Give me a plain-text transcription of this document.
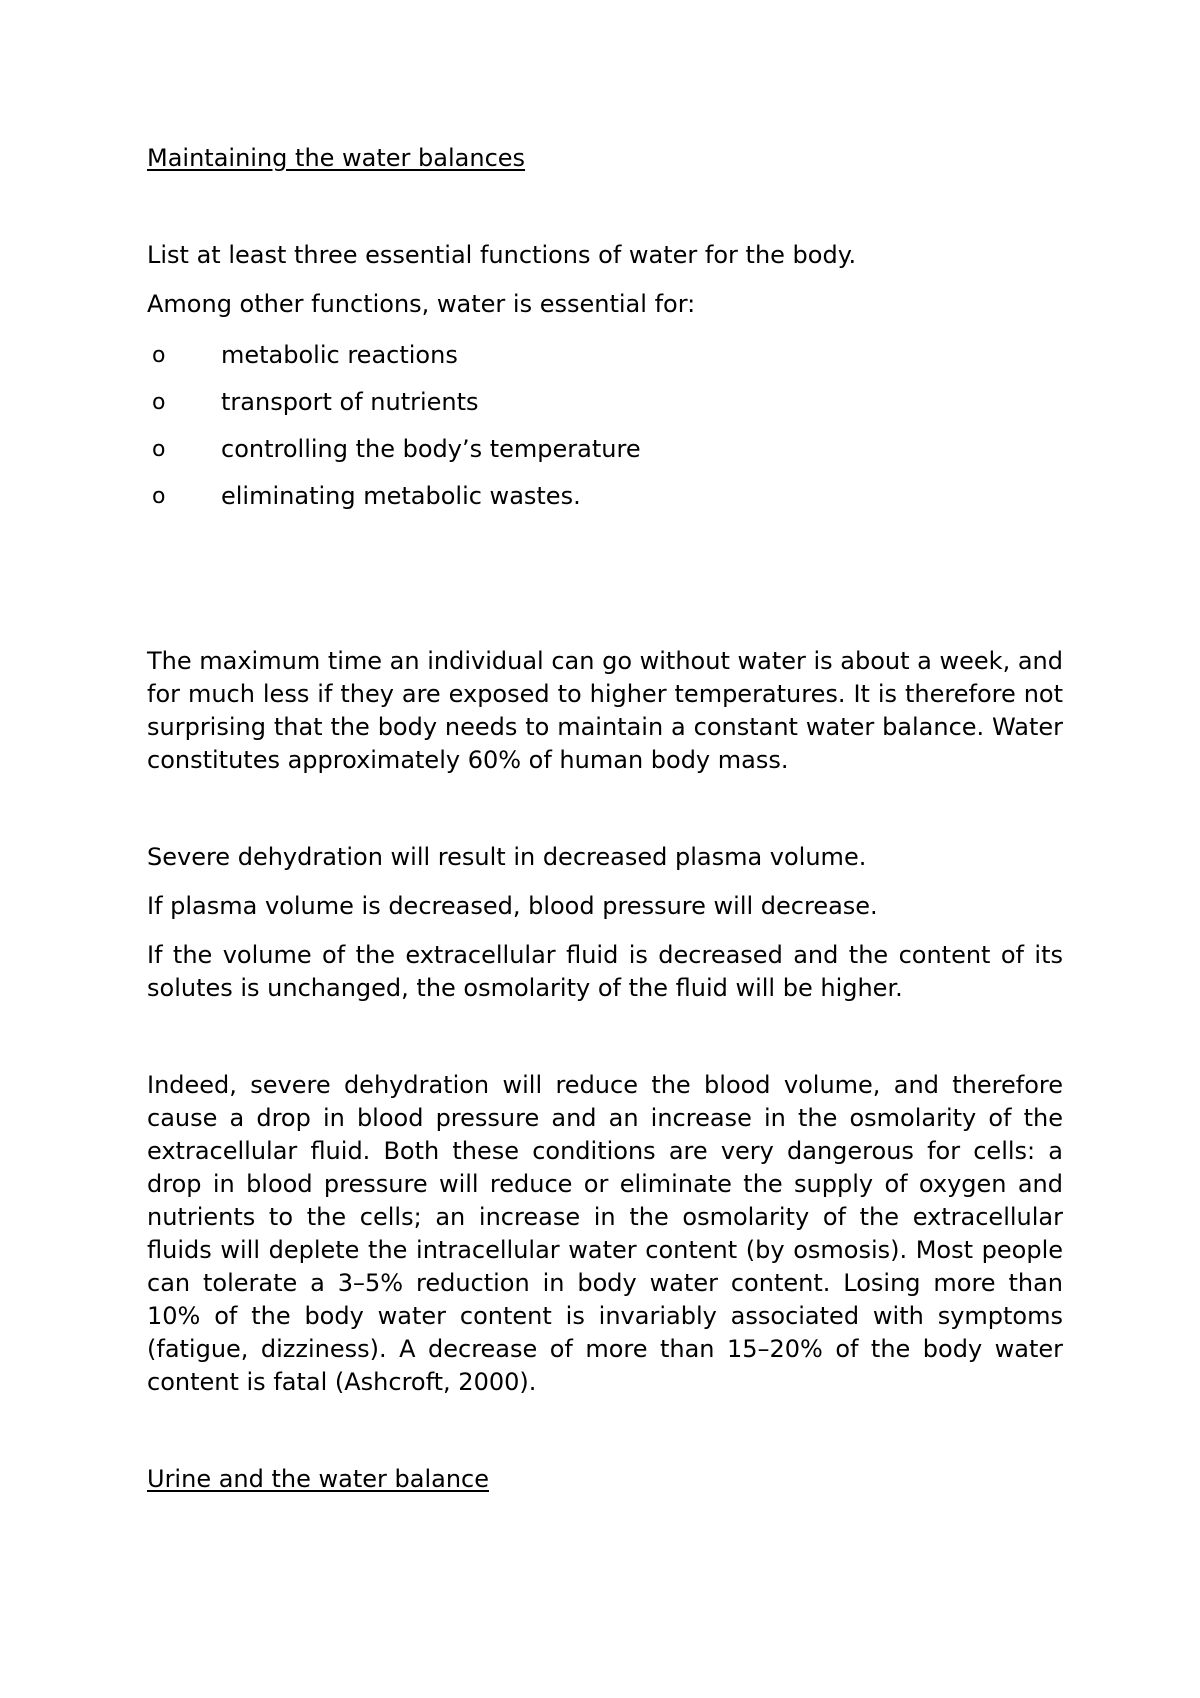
Maintaining the water balances

List at least three essential functions of water for the body.

Among other functions, water is essential for:

o	metabolic reactions
o	transport of nutrients
o	controlling the body’s temperature
o	eliminating metabolic wastes.

The maximum time an individual can go without water is about a week, and for much less if they are exposed to higher temperatures. It is therefore not surprising that the body needs to maintain a constant water balance. Water constitutes approximately 60% of human body mass.

Severe dehydration will result in decreased plasma volume.

If plasma volume is decreased, blood pressure will decrease.

If the volume of the extracellular fluid is decreased and the content of its solutes is unchanged, the osmolarity of the fluid will be higher.

Indeed, severe dehydration will reduce the blood volume, and therefore cause a drop in blood pressure and an increase in the osmolarity of the extracellular fluid. Both these conditions are very dangerous for cells: a drop in blood pressure will reduce or eliminate the supply of oxygen and nutrients to the cells; an increase in the osmolarity of the extracellular fluids will deplete the intracellular water content (by osmosis). Most people can tolerate a 3–5% reduction in body water content. Losing more than 10% of the body water content is invariably associated with symptoms (fatigue, dizziness). A decrease of more than 15–20% of the body water content is fatal (Ashcroft, 2000).

Urine and the water balance
